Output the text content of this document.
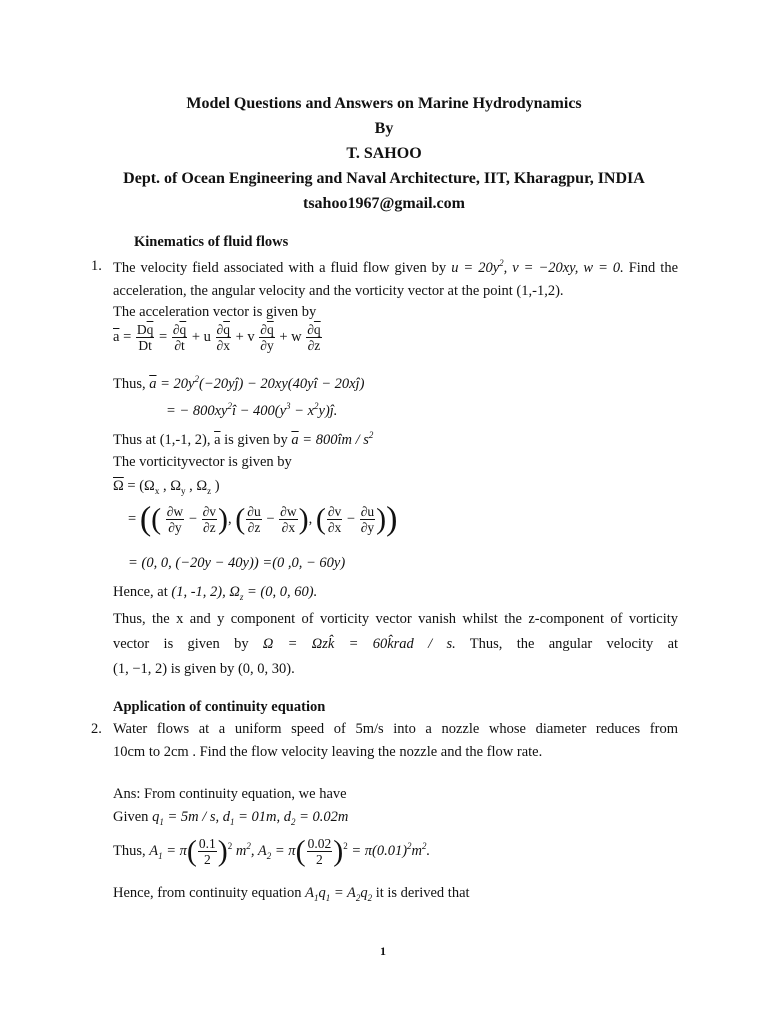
Model Questions and Answers on Marine Hydrodynamics
By
T. SAHOO
Dept. of Ocean Engineering and Naval Architecture, IIT, Kharagpur, INDIA
tsahoo1967@gmail.com
Kinematics of fluid flows
1. The velocity field associated with a fluid flow given by $u = 20y^2$, v = −20xy, w = 0. Find the
acceleration, the angular velocity and the vorticity vector at the point (1,-1,2).
The acceleration vector is given by
$\overline{a} = \frac{D\overline{q}}{Dt} = \frac{\partial\overline{q}}{\partial t} + u \frac{\partial\overline{q}}{\partial x} + v \frac{\partial\overline{q}}{\partial y} + w \frac{\partial\overline{q}}{\partial z}$
Thus, $\overline{a}$ = $20y^2(-20yĵ)$ − 20xy(40yî − 20xĵ)
= − $800xy^2î - 400(y^3$ − $x^2y)ĵ$.
Thus at (1,-1, 2), $\overline{a}$ is given by $\overline{a}$ = 800îm / $s^2$
The vorticityvector is given by
$\overline{\Omega} = (\Omega_x$ , $\Omega_y$ , $\Omega_z$ )
= (( $\frac{\partial w}{\partial y} - \frac{\partial v}{\partial z}$ ), ( $\frac{\partial u}{\partial z} - \frac{\partial w}{\partial x}$ ), ( $\frac{\partial v}{\partial x} - \frac{\partial u}{\partial y}$ ))
= (0, 0, (−20y − 40y)) =(0 ,0, − 60y)
Hence, at (1, -1, 2), $\Omega_z = (0$, 0, 60).
Thus, the x and y component of vorticity vector vanish whilst the z-component of vorticity
vector is given by Ω = Ωzk̂ = 60k̂rad / s. Thus, the angular velocity at
(1, −1, 2) is given by (0, 0, 30).
Application of continuity equation
2. Water flows at a uniform speed of 5m/s into a nozzle whose diameter reduces from
10cm to 2cm . Find the flow velocity leaving the nozzle and the flow rate.
Ans: From continuity equation, we have
Given $q_1 = 5m / s$, $d_1 = 01m$, $d_2 = 0.02m$
Thus, $A_1 = \pi( \frac{0.1}{2} )^2$ $m^2$, $A_2 = \pi( \frac{0.02}{2} )^2 = \pi(0.01)^2m^2$.
Hence, from continuity equation $A_1q_1 = A_2q_2$ it is derived that
1
